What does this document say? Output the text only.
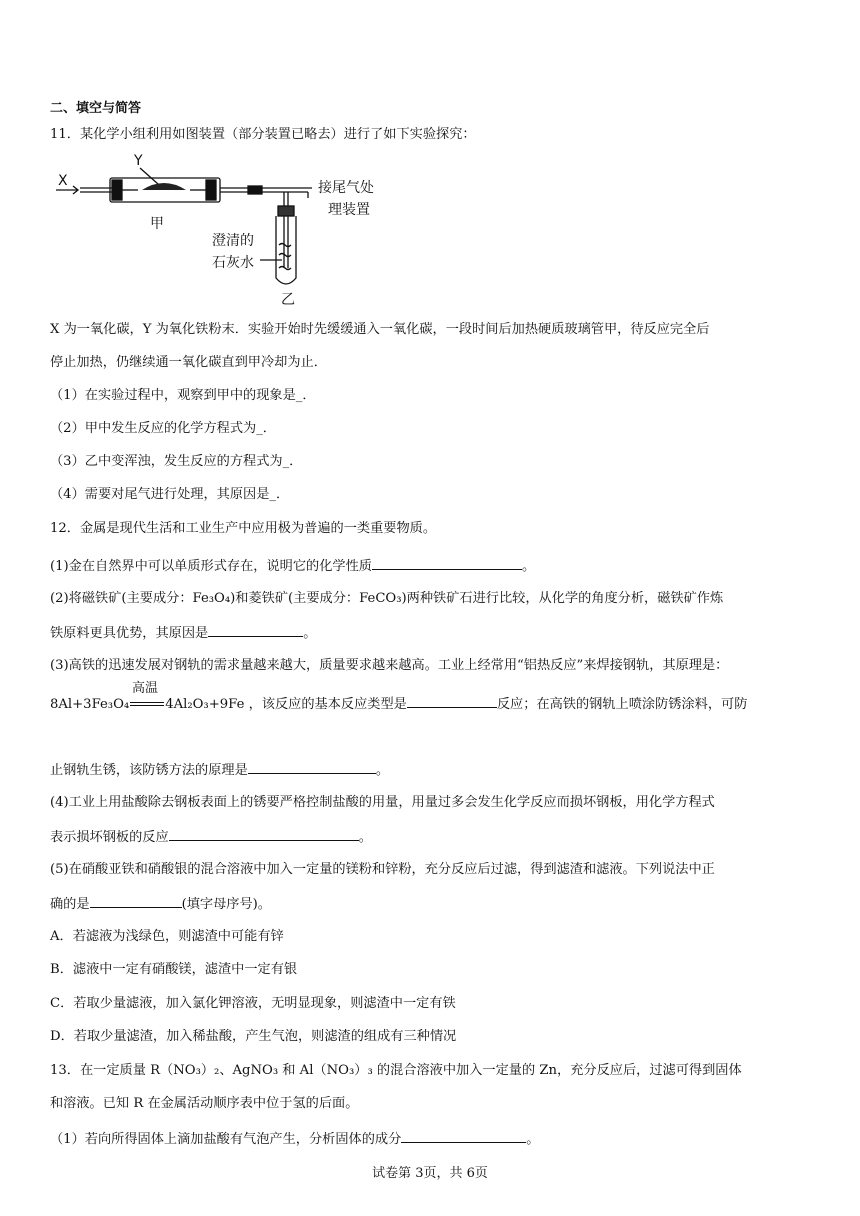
二、填空与简答
11．某化学小组利用如图装置（部分装置已略去）进行了如下实验探究：
X
Y
甲
接尾气处
理装置
澄清的
石灰水
乙
X 为一氧化碳，Y 为氧化铁粉末．实验开始时先缓缓通入一氧化碳，一段时间后加热硬质玻璃管甲，待反应完全后
停止加热，仍继续通一氧化碳直到甲冷却为止．
（1）在实验过程中，观察到甲中的现象是_．
（2）甲中发生反应的化学方程式为_．
（3）乙中变浑浊，发生反应的方程式为_．
（4）需要对尾气进行处理，其原因是_．
12．金属是现代生活和工业生产中应用极为普遍的一类重要物质。
(1)金在自然界中可以单质形式存在，说明它的化学性质	。
(2)将磁铁矿(主要成分：Fe₃O₄)和菱铁矿(主要成分：FeCO₃)两种铁矿石进行比较，从化学的角度分析，磁铁矿作炼
铁原料更具优势，其原因是	。
(3)高铁的迅速发展对钢轨的需求量越来越大，质量要求越来越高。工业上经常用“铝热反应”来焊接钢轨，其原理是：
8Al+3Fe₃O₄	4Al₂O₃+9Fe
高温
，该反应的基本反应类型是	反应；在高铁的钢轨上喷涂防锈涂料，可防
止钢轨生锈，该防锈方法的原理是	。
(4)工业上用盐酸除去钢板表面上的锈要严格控制盐酸的用量，用量过多会发生化学反应而损坏钢板，用化学方程式
表示损坏钢板的反应	。
(5)在硝酸亚铁和硝酸银的混合溶液中加入一定量的镁粉和锌粉，充分反应后过滤，得到滤渣和滤液。下列说法中正
确的是	(填字母序号)。
A．若滤液为浅绿色，则滤渣中可能有锌
B．滤液中一定有硝酸镁，滤渣中一定有银
C．若取少量滤液，加入氯化钾溶液，无明显现象，则滤渣中一定有铁
D．若取少量滤渣，加入稀盐酸，产生气泡，则滤渣的组成有三种情况
13．在一定质量 R（NO₃）₂、AgNO₃ 和 Al（NO₃）₃ 的混合溶液中加入一定量的 Zn，充分反应后，过滤可得到固体
和溶液。已知 R 在金属活动顺序表中位于氢的后面。
（1）若向所得固体上滴加盐酸有气泡产生，分析固体的成分	。
试卷第 3页，共 6页
